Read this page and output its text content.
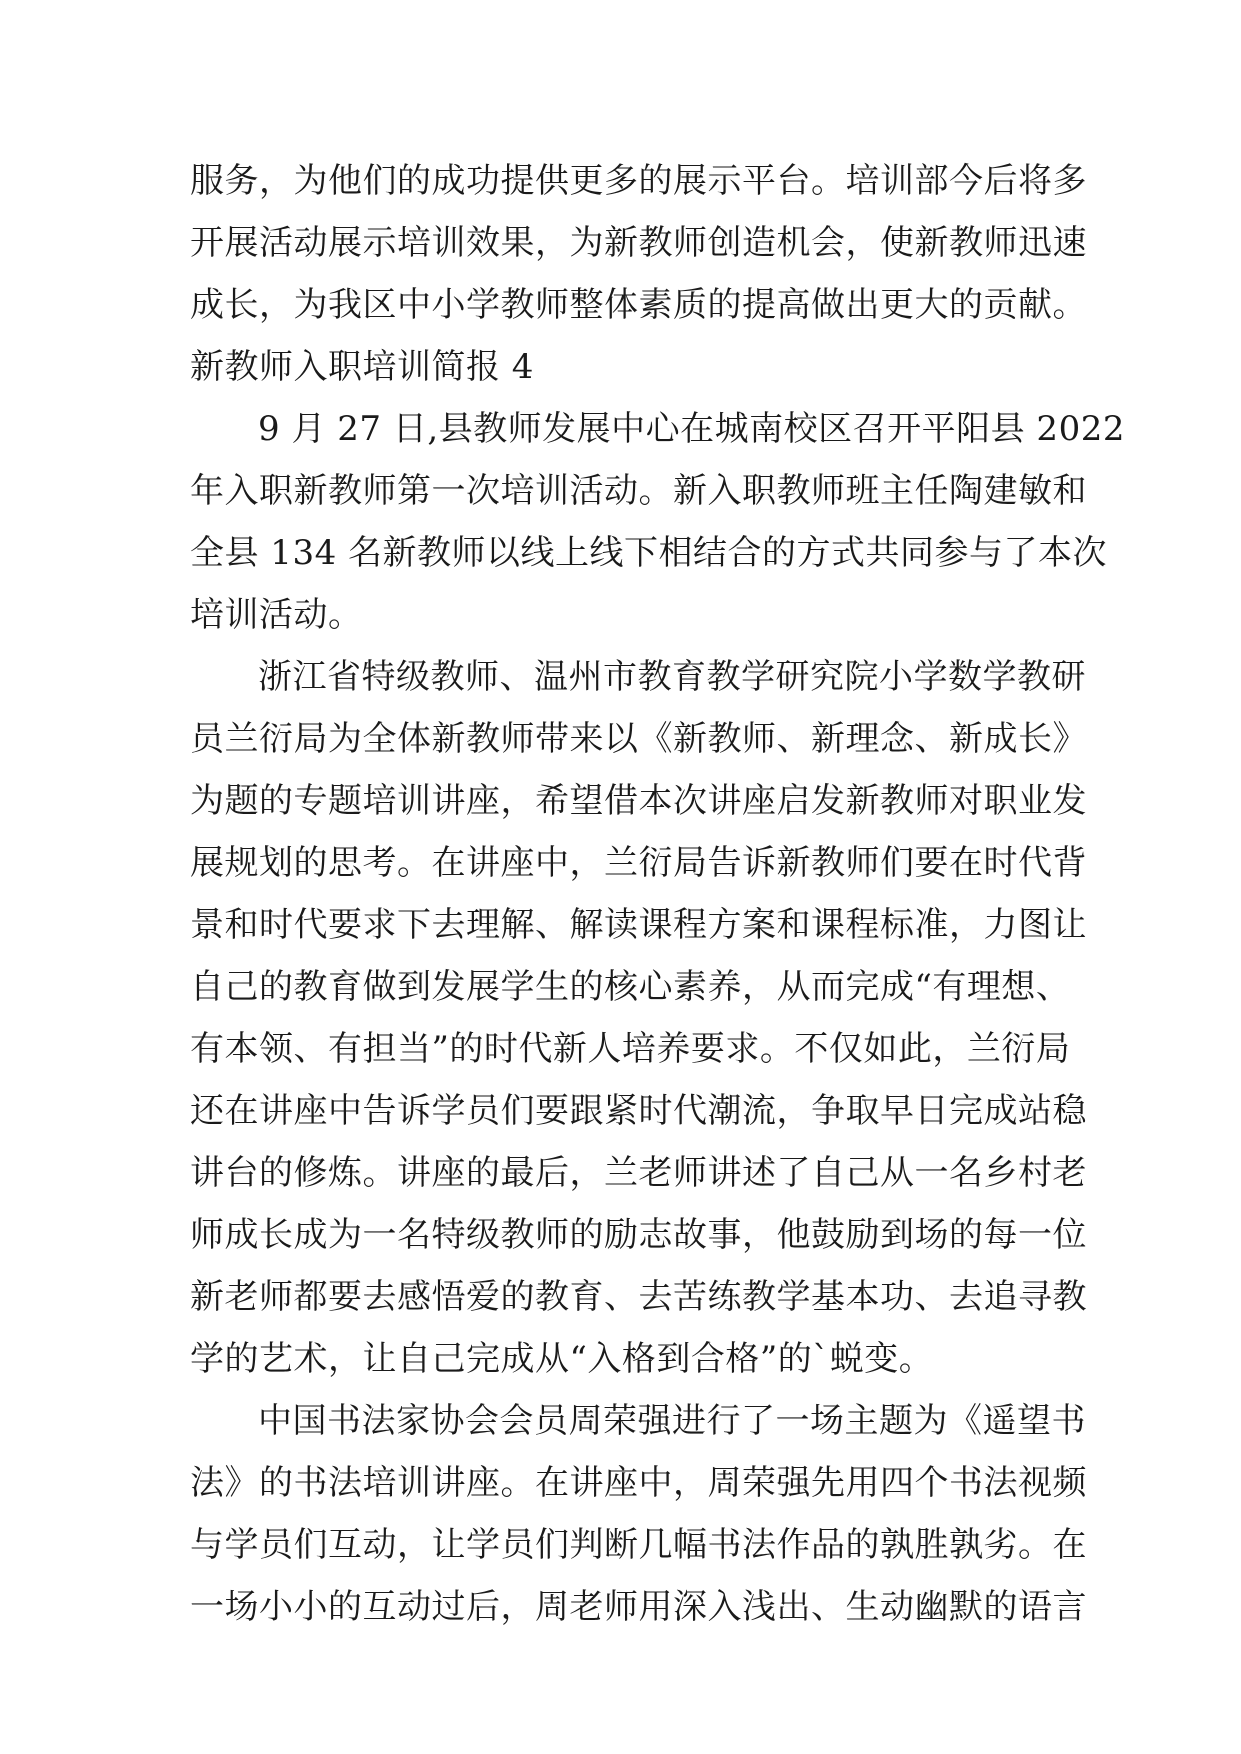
服务，为他们的成功提供更多的展示平台。培训部今后将多
开展活动展示培训效果，为新教师创造机会，使新教师迅速
成长，为我区中小学教师整体素质的提高做出更大的贡献。
新教师入职培训简报 4
9 月 27 日,县教师发展中心在城南校区召开平阳县 2022
年入职新教师第一次培训活动。新入职教师班主任陶建敏和
全县 134 名新教师以线上线下相结合的方式共同参与了本次
培训活动。
浙江省特级教师、温州市教育教学研究院小学数学教研
员兰衍局为全体新教师带来以《新教师、新理念、新成长》
为题的专题培训讲座，希望借本次讲座启发新教师对职业发
展规划的思考。在讲座中，兰衍局告诉新教师们要在时代背
景和时代要求下去理解、解读课程方案和课程标准，力图让
自己的教育做到发展学生的核心素养，从而完成“有理想、
有本领、有担当”的时代新人培养要求。不仅如此，兰衍局
还在讲座中告诉学员们要跟紧时代潮流，争取早日完成站稳
讲台的修炼。讲座的最后，兰老师讲述了自己从一名乡村老
师成长成为一名特级教师的励志故事，他鼓励到场的每一位
新老师都要去感悟爱的教育、去苦练教学基本功、去追寻教
学的艺术，让自己完成从“入格到合格”的`蜕变。
中国书法家协会会员周荣强进行了一场主题为《遥望书
法》的书法培训讲座。在讲座中，周荣强先用四个书法视频
与学员们互动，让学员们判断几幅书法作品的孰胜孰劣。在
一场小小的互动过后，周老师用深入浅出、生动幽默的语言
